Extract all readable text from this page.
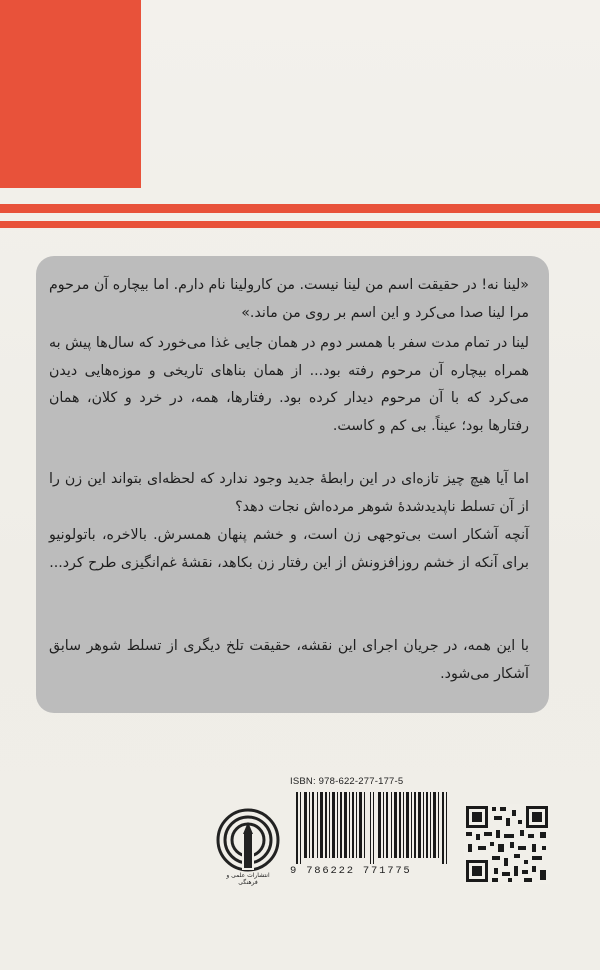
«لینا نه! در حقیقت اسم من لینا نیست. من کارولینا نام دارم. اما بیچاره آن مرحوم مرا لینا صدا می‌کرد و این اسم بر روی من ماند.»

لینا در تمام مدت سفر با همسر دوم در همان جایی غذا می‌خورد که سال‌ها پیش به همراه بیچاره آن مرحوم رفته بود... از همان بناهای تاریخی و موزه‌هایی دیدن می‌کرد که با آن مرحوم دیدار کرده بود. رفتارها، همه، در خرد و کلان، همان رفتارها بود؛ عیناً. بی کم و کاست.

اما آیا هیچ چیز تازه‌ای در این رابطهٔ جدید وجود ندارد که لحظه‌ای بتواند این زن را از آن تسلط ناپدیدشدهٔ شوهر مرده‌اش نجات دهد؟

آنچه آشکار است بی‌توجهی زن است، و خشم پنهان همسرش. بالاخره، باتولونیو برای آنکه از خشم روزافزونش از این رفتار زن بکاهد، نقشهٔ غم‌انگیزی طرح کرد...

با این همه، در جریان اجرای این نقشه، حقیقت تلخ دیگری از تسلط شوهر سابق آشکار می‌شود.

انتشارات علمی و فرهنگی
ISBN: 978-622-277-177-5
9 786222 771775
